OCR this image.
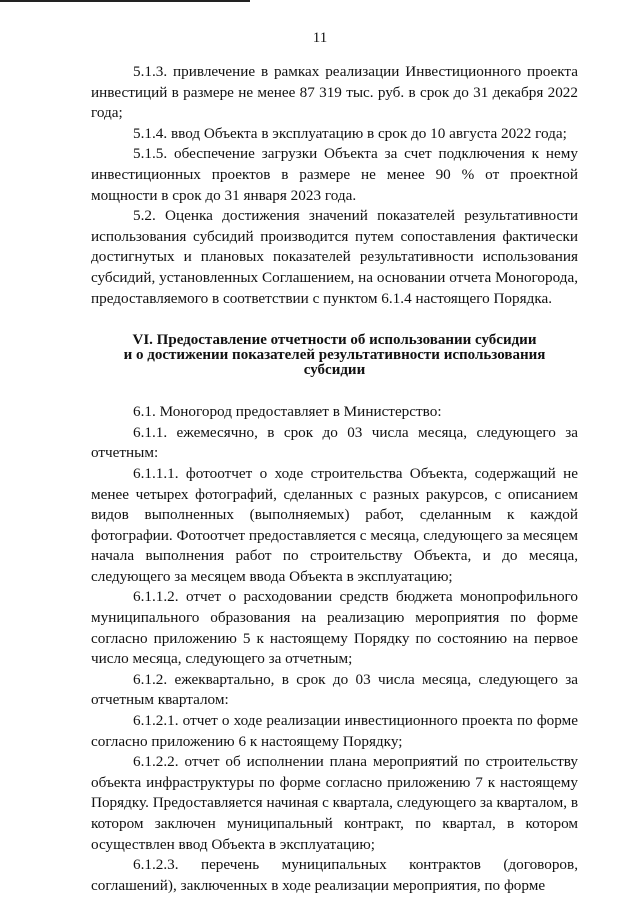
11

5.1.3. привлечение в рамках реализации Инвестиционного проекта инвестиций в размере не менее 87 319 тыс. руб. в срок до 31 декабря 2022 года;

5.1.4. ввод Объекта в эксплуатацию в срок до 10 августа 2022 года;

5.1.5. обеспечение загрузки Объекта за счет подключения к нему инвестиционных проектов в размере не менее 90 % от проектной мощности в срок до 31 января 2023 года.

5.2. Оценка достижения значений показателей результативности использования субсидий производится путем сопоставления фактически достигнутых и плановых показателей результативности использования субсидий, установленных Соглашением, на основании отчета Моногорода, предоставляемого в соответствии с пунктом 6.1.4 настоящего Порядка.

VI. Предоставление отчетности об использовании субсидии
и о достижении показателей результативности использования
субсидии

6.1. Моногород предоставляет в Министерство:

6.1.1. ежемесячно, в срок до 03 числа месяца, следующего за отчетным:

6.1.1.1. фотоотчет о ходе строительства Объекта, содержащий не менее четырех фотографий, сделанных с разных ракурсов, с описанием видов выполненных (выполняемых) работ, сделанным к каждой фотографии. Фотоотчет предоставляется с месяца, следующего за месяцем начала выполнения работ по строительству Объекта, и до месяца, следующего за месяцем ввода Объекта в эксплуатацию;

6.1.1.2. отчет о расходовании средств бюджета монопрофильного муниципального образования на реализацию мероприятия по форме согласно приложению 5 к настоящему Порядку по состоянию на первое число месяца, следующего за отчетным;

6.1.2. ежеквартально, в срок до 03 числа месяца, следующего за отчетным кварталом:

6.1.2.1. отчет о ходе реализации инвестиционного проекта по форме согласно приложению 6 к настоящему Порядку;

6.1.2.2. отчет об исполнении плана мероприятий по строительству объекта инфраструктуры по форме согласно приложению 7 к настоящему Порядку. Предоставляется начиная с квартала, следующего за кварталом, в котором заключен муниципальный контракт, по квартал, в котором осуществлен ввод Объекта в эксплуатацию;

6.1.2.3. перечень муниципальных контрактов (договоров, соглашений), заключенных в ходе реализации мероприятия, по форме
